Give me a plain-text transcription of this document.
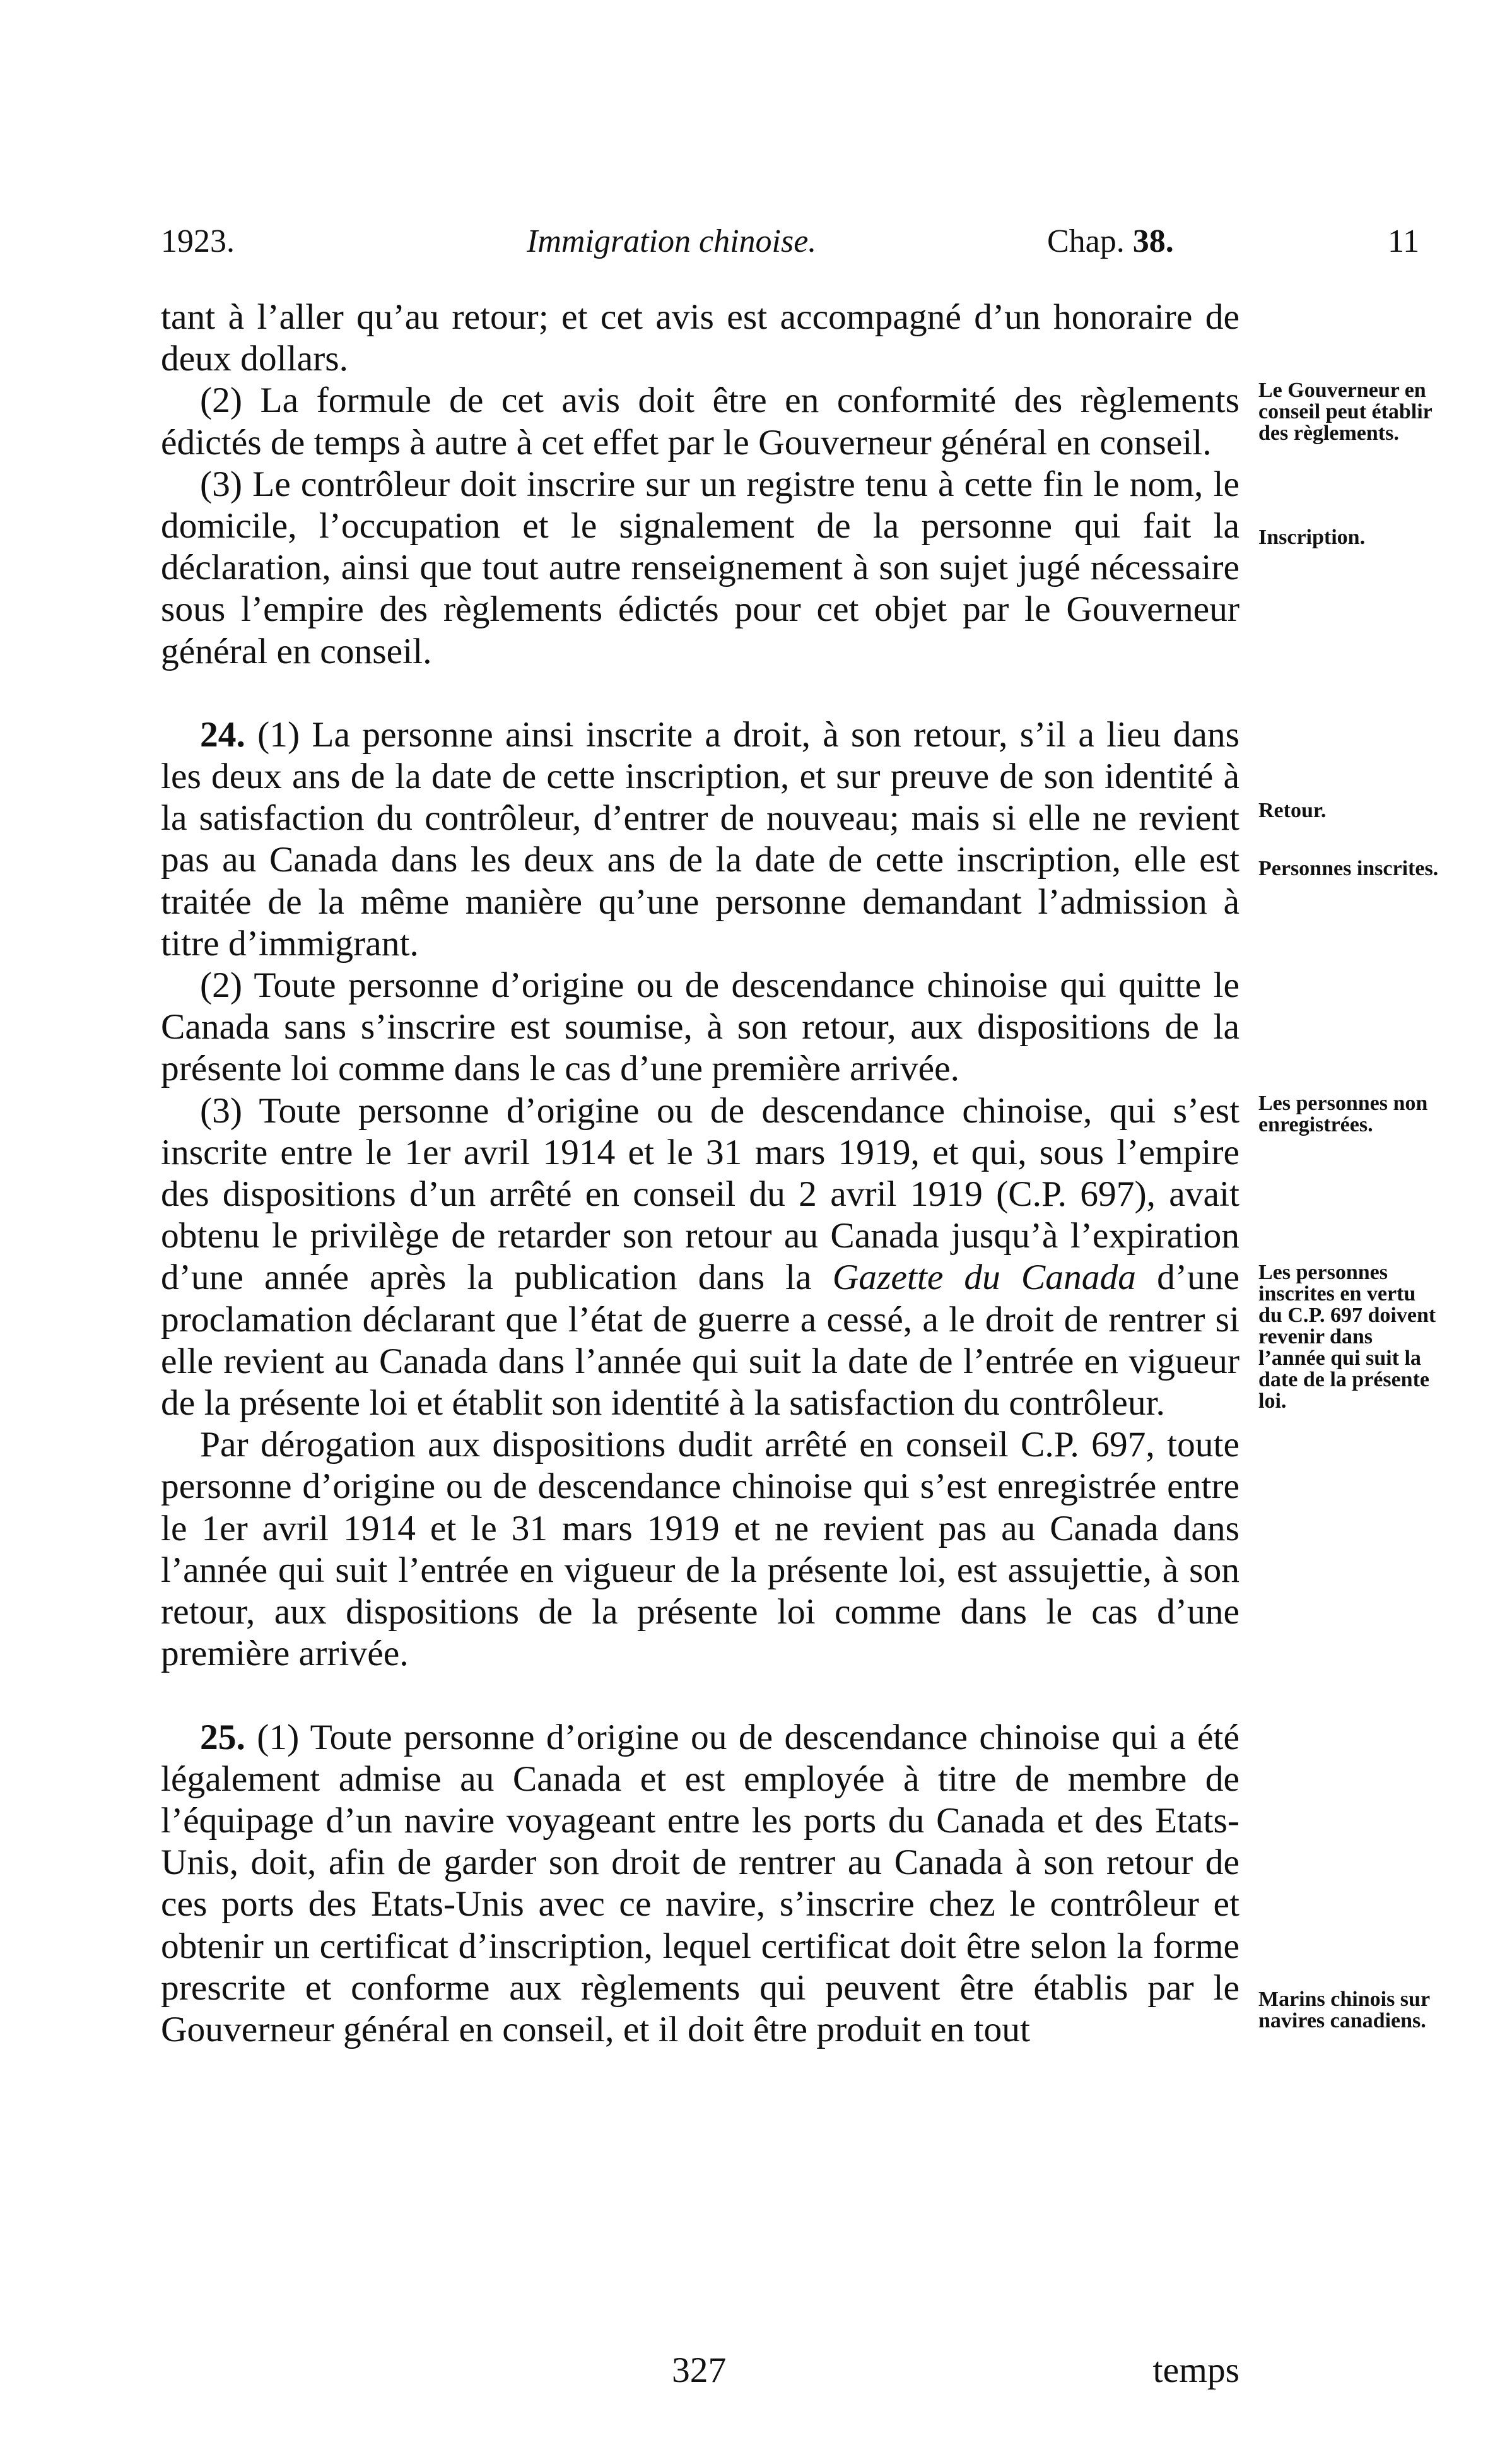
1923.	Immigration chinoise.	Chap. 38.	11

tant à l’aller qu’au retour; et cet avis est accompagné d’un honoraire de deux dollars.

(2) La formule de cet avis doit être en conformité des règlements édictés de temps à autre à cet effet par le Gouverneur général en conseil.

(3) Le contrôleur doit inscrire sur un registre tenu à cette fin le nom, le domicile, l’occupation et le signalement de la personne qui fait la déclaration, ainsi que tout autre renseignement à son sujet jugé nécessaire sous l’empire des règlements édictés pour cet objet par le Gouverneur général en conseil.

24. (1) La personne ainsi inscrite a droit, à son retour, s’il a lieu dans les deux ans de la date de cette inscription, et sur preuve de son identité à la satisfaction du contrôleur, d’entrer de nouveau; mais si elle ne revient pas au Canada dans les deux ans de la date de cette inscription, elle est traitée de la même manière qu’une personne demandant l’admission à titre d’immigrant.

(2) Toute personne d’origine ou de descendance chinoise qui quitte le Canada sans s’inscrire est soumise, à son retour, aux dispositions de la présente loi comme dans le cas d’une première arrivée.

(3) Toute personne d’origine ou de descendance chinoise, qui s’est inscrite entre le 1er avril 1914 et le 31 mars 1919, et qui, sous l’empire des dispositions d’un arrêté en conseil du 2 avril 1919 (C.P. 697), avait obtenu le privilège de retarder son retour au Canada jusqu’à l’expiration d’une année après la publication dans la Gazette du Canada d’une proclamation déclarant que l’état de guerre a cessé, a le droit de rentrer si elle revient au Canada dans l’année qui suit la date de l’entrée en vigueur de la présente loi et établit son identité à la satisfaction du contrôleur.

Par dérogation aux dispositions dudit arrêté en conseil C.P. 697, toute personne d’origine ou de descendance chinoise qui s’est enregistrée entre le 1er avril 1914 et le 31 mars 1919 et ne revient pas au Canada dans l’année qui suit l’entrée en vigueur de la présente loi, est assujettie, à son retour, aux dispositions de la présente loi comme dans le cas d’une première arrivée.

25. (1) Toute personne d’origine ou de descendance chinoise qui a été légalement admise au Canada et est employée à titre de membre de l’équipage d’un navire voyageant entre les ports du Canada et des Etats-Unis, doit, afin de garder son droit de rentrer au Canada à son retour de ces ports des Etats-Unis avec ce navire, s’inscrire chez le contrôleur et obtenir un certificat d’inscription, lequel certificat doit être selon la forme prescrite et conforme aux règlements qui peuvent être établis par le Gouverneur général en conseil, et il doit être produit en tout

Le Gouverneur en conseil peut établir des règlements.
Inscription.
Retour.
Personnes inscrites.
Les personnes non enregistrées.
Les personnes inscrites en vertu du C.P. 697 doivent revenir dans l’année qui suit la date de la présente loi.
Marins chinois sur navires canadiens.
327	temps
